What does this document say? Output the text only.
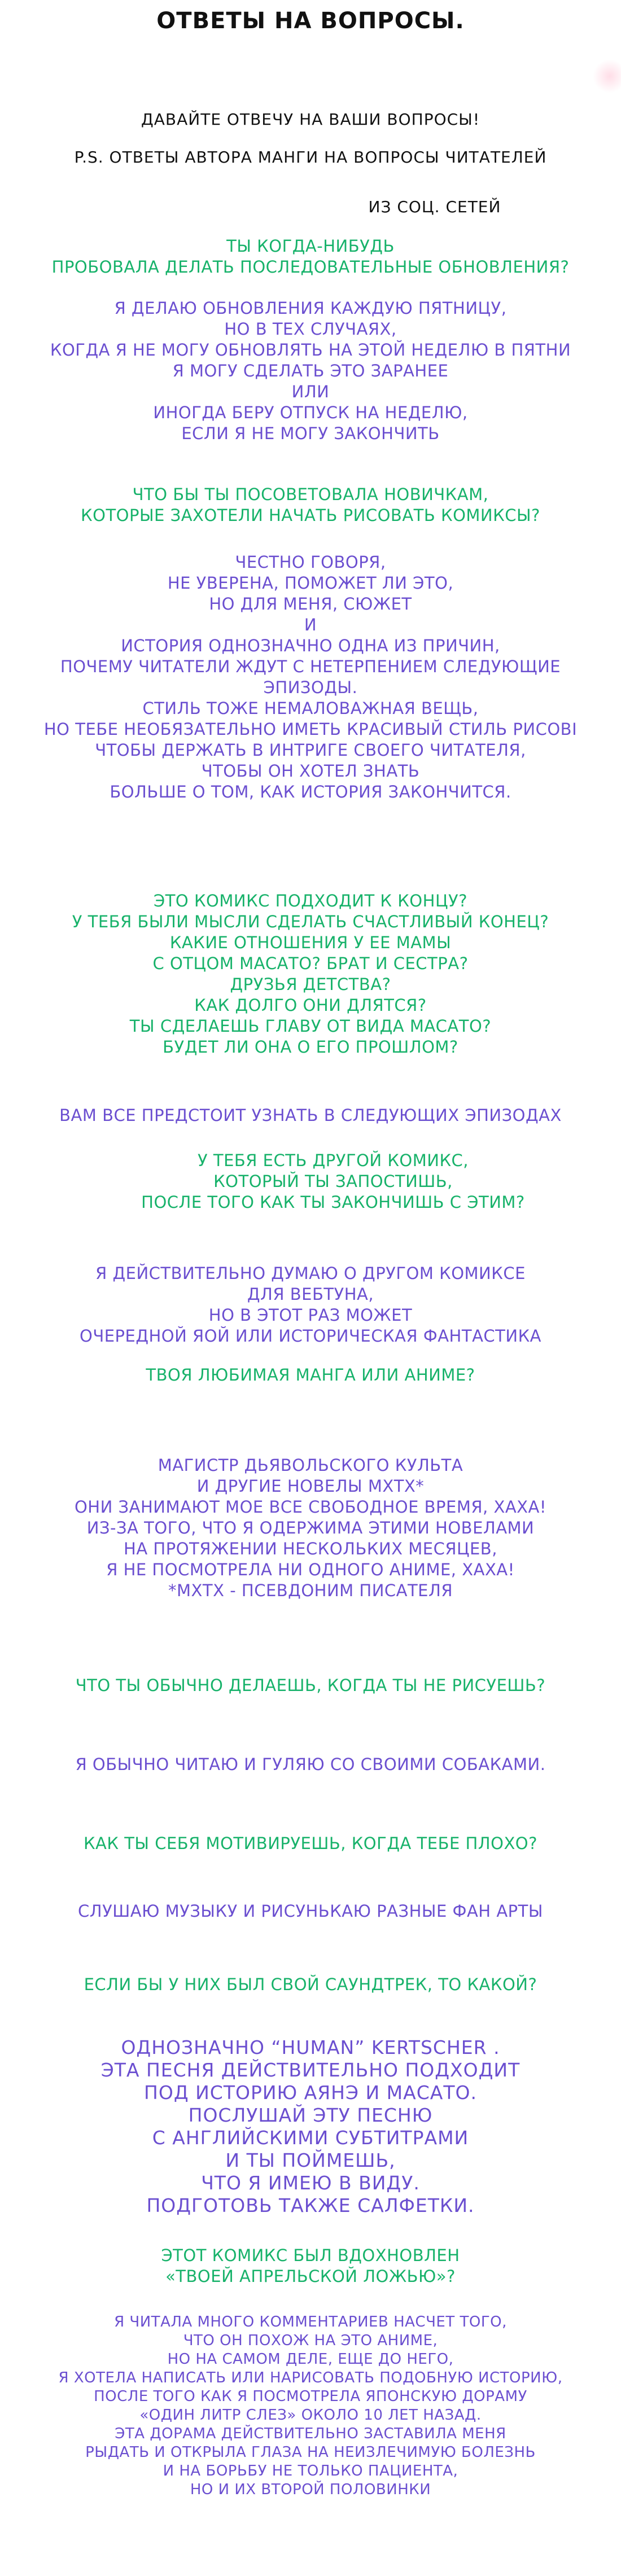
ОТВЕТЫ НА ВОПРОСЫ.
ДАВАЙТЕ ОТВЕЧУ НА ВАШИ ВОПРОСЫ!
P.S. ОТВЕТЫ АВТОРА МАНГИ НА ВОПРОСЫ ЧИТАТЕЛЕЙ
ИЗ СОЦ. СЕТЕЙ
ТЫ КОГДА-НИБУДЬ
ПРОБОВАЛА ДЕЛАТЬ ПОСЛЕДОВАТЕЛЬНЫЕ ОБНОВЛЕНИЯ?
Я ДЕЛАЮ ОБНОВЛЕНИЯ КАЖДУЮ ПЯТНИЦУ,
НО В ТЕХ СЛУЧАЯХ,
КОГДА Я НЕ МОГУ ОБНОВЛЯТЬ НА ЭТОЙ НЕДЕЛЮ В ПЯТНИ
Я МОГУ СДЕЛАТЬ ЭТО ЗАРАНЕЕ
ИЛИ
ИНОГДА БЕРУ ОТПУСК НА НЕДЕЛЮ,
ЕСЛИ Я НЕ МОГУ ЗАКОНЧИТЬ
ЧТО БЫ ТЫ ПОСОВЕТОВАЛА НОВИЧКАМ,
КОТОРЫЕ ЗАХОТЕЛИ НАЧАТЬ РИСОВАТЬ КОМИКСЫ?
ЧЕСТНО ГОВОРЯ,
НЕ УВЕРЕНА, ПОМОЖЕТ ЛИ ЭТО,
НО ДЛЯ МЕНЯ, СЮЖЕТ
И
ИСТОРИЯ ОДНОЗНАЧНО ОДНА ИЗ ПРИЧИН,
ПОЧЕМУ ЧИТАТЕЛИ ЖДУТ С НЕТЕРПЕНИЕМ СЛЕДУЮЩИЕ
ЭПИЗОДЫ.
СТИЛЬ ТОЖЕ НЕМАЛОВАЖНАЯ ВЕЩЬ,
НО ТЕБЕ НЕОБЯЗАТЕЛЬНО ИМЕТЬ КРАСИВЫЙ СТИЛЬ РИСОВІ
ЧТОБЫ ДЕРЖАТЬ В ИНТРИГЕ СВОЕГО ЧИТАТЕЛЯ,
ЧТОБЫ ОН ХОТЕЛ ЗНАТЬ
БОЛЬШЕ О ТОМ, КАК ИСТОРИЯ ЗАКОНЧИТСЯ.
ЭТО КОМИКС ПОДХОДИТ К КОНЦУ?
У ТЕБЯ БЫЛИ МЫСЛИ СДЕЛАТЬ СЧАСТЛИВЫЙ КОНЕЦ?
КАКИЕ ОТНОШЕНИЯ У ЕЕ МАМЫ
С ОТЦОМ МАСАТО? БРАТ И СЕСТРА?
ДРУЗЬЯ ДЕТСТВА?
КАК ДОЛГО ОНИ ДЛЯТСЯ?
ТЫ СДЕЛАЕШЬ ГЛАВУ ОТ ВИДА МАСАТО?
БУДЕТ ЛИ ОНА О ЕГО ПРОШЛОМ?
ВАМ ВСЕ ПРЕДСТОИТ УЗНАТЬ В СЛЕДУЮЩИХ ЭПИЗОДАХ
У ТЕБЯ ЕСТЬ ДРУГОЙ КОМИКС,
КОТОРЫЙ ТЫ ЗАПОСТИШЬ,
ПОСЛЕ ТОГО КАК ТЫ ЗАКОНЧИШЬ С ЭТИМ?
Я ДЕЙСТВИТЕЛЬНО ДУМАЮ О ДРУГОМ КОМИКСЕ
ДЛЯ ВЕБТУНА,
НО В ЭТОТ РАЗ МОЖЕТ
ОЧЕРЕДНОЙ ЯОЙ ИЛИ ИСТОРИЧЕСКАЯ ФАНТАСТИКА
ТВОЯ ЛЮБИМАЯ МАНГА ИЛИ АНИМЕ?
МАГИСТР ДЬЯВОЛЬСКОГО КУЛЬТА
И ДРУГИЕ НОВЕЛЫ МХТХ*
ОНИ ЗАНИМАЮТ МОЕ ВСЕ СВОБОДНОЕ ВРЕМЯ, ХАХА!
ИЗ-ЗА ТОГО, ЧТО Я ОДЕРЖИМА ЭТИМИ НОВЕЛАМИ
НА ПРОТЯЖЕНИИ НЕСКОЛЬКИХ МЕСЯЦЕВ,
Я НЕ ПОСМОТРЕЛА НИ ОДНОГО АНИМЕ, ХАХА!
*МХТХ - ПСЕВДОНИМ ПИСАТЕЛЯ
ЧТО ТЫ ОБЫЧНО ДЕЛАЕШЬ, КОГДА ТЫ НЕ РИСУЕШЬ?
Я ОБЫЧНО ЧИТАЮ И ГУЛЯЮ СО СВОИМИ СОБАКАМИ.
КАК ТЫ СЕБЯ МОТИВИРУЕШЬ, КОГДА ТЕБЕ ПЛОХО?
СЛУШАЮ МУЗЫКУ И РИСУНЬКАЮ РАЗНЫЕ ФАН АРТЫ
ЕСЛИ БЫ У НИХ БЫЛ СВОЙ САУНДТРЕК, ТО КАКОЙ?
ОДНОЗНАЧНО “HUMAN” KERTSCHER .
ЭТА ПЕСНЯ ДЕЙСТВИТЕЛЬНО ПОДХОДИТ
ПОД ИСТОРИЮ АЯНЭ И МАСАТО.
ПОСЛУШАЙ ЭТУ ПЕСНЮ
С АНГЛИЙСКИМИ СУБТИТРАМИ
И ТЫ ПОЙМЕШЬ,
ЧТО Я ИМЕЮ В ВИДУ.
ПОДГОТОВЬ ТАКЖЕ САЛФЕТКИ.
ЭТОТ КОМИКС БЫЛ ВДОХНОВЛЕН
«ТВОЕЙ АПРЕЛЬСКОЙ ЛОЖЬЮ»?
Я ЧИТАЛА МНОГО КОММЕНТАРИЕВ НАСЧЕТ ТОГО,
ЧТО ОН ПОХОЖ НА ЭТО АНИМЕ,
НО НА САМОМ ДЕЛЕ, ЕЩЕ ДО НЕГО,
Я ХОТЕЛА НАПИСАТЬ ИЛИ НАРИСОВАТЬ ПОДОБНУЮ ИСТОРИЮ,
ПОСЛЕ ТОГО КАК Я ПОСМОТРЕЛА ЯПОНСКУЮ ДОРАМУ
«ОДИН ЛИТР СЛЕЗ» ОКОЛО 10 ЛЕТ НАЗАД.
ЭТА ДОРАМА ДЕЙСТВИТЕЛЬНО ЗАСТАВИЛА МЕНЯ
РЫДАТЬ И ОТКРЫЛА ГЛАЗА НА НЕИЗЛЕЧИМУЮ БОЛЕЗНЬ
И НА БОРЬБУ НЕ ТОЛЬКО ПАЦИЕНТА,
НО И ИХ ВТОРОЙ ПОЛОВИНКИ
